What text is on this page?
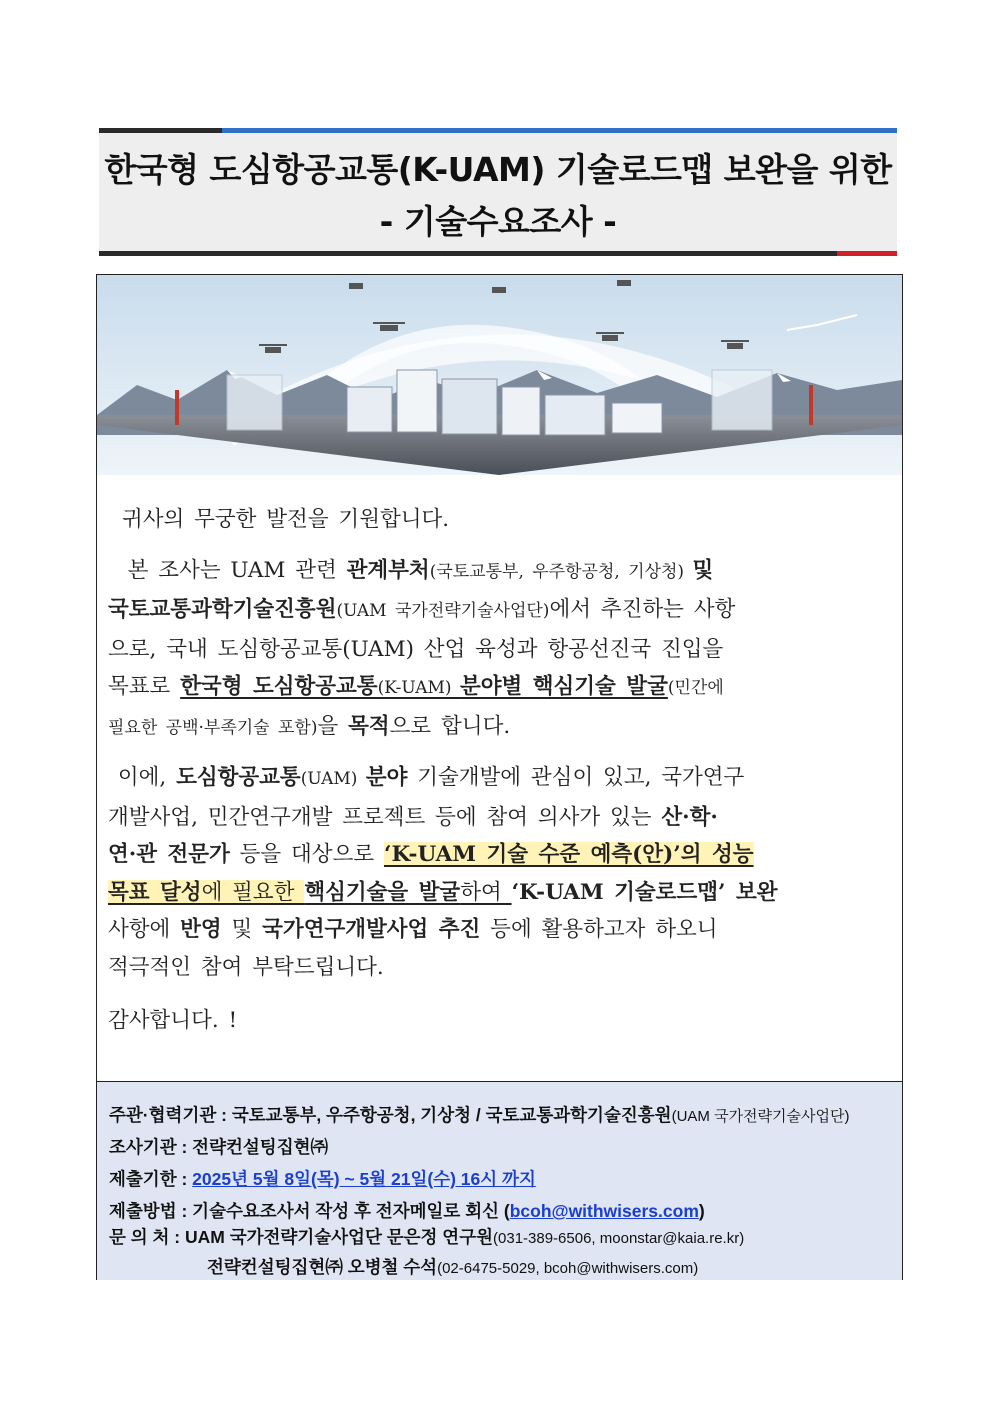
한국형 도심항공교통(K-UAM) 기술로드맵 보완을 위한
- 기술수요조사 -

귀사의 무궁한 발전을 기원합니다.

본 조사는 UAM 관련 관계부처(국토교통부, 우주항공청, 기상청) 및
국토교통과학기술진흥원(UAM 국가전략기술사업단)에서 추진하는 사항
으로, 국내 도심항공교통(UAM) 산업 육성과 항공선진국 진입을
목표로 한국형 도심항공교통(K-UAM) 분야별 핵심기술 발굴(민간에
필요한 공백·부족기술 포함)을 목적으로 합니다.

이에, 도심항공교통(UAM) 분야 기술개발에 관심이 있고, 국가연구
개발사업, 민간연구개발 프로젝트 등에 참여 의사가 있는 산·학·
연·관 전문가 등을 대상으로 ‘K-UAM 기술 수준 예측(안)’의 성능
목표 달성에 필요한 핵심기술을 발굴하여 ‘K-UAM 기술로드맵’ 보완
사항에 반영 및 국가연구개발사업 추진 등에 활용하고자 하오니
적극적인 참여 부탁드립니다.

감사합니다. !

주관·협력기관 : 국토교통부, 우주항공청, 기상청 / 국토교통과학기술진흥원(UAM 국가전략기술사업단)
조사기관 : 전략컨설팅집현㈜
제출기한 : 2025년 5월 8일(목) ~ 5월 21일(수) 16시 까지
제출방법 : 기술수요조사서 작성 후 전자메일로 회신 (bcoh@withwisers.com)
문 의 처 : UAM 국가전략기술사업단 문은정 연구원(031-389-6506, moonstar@kaia.re.kr)
전략컨설팅집현㈜ 오병철 수석(02-6475-5029, bcoh@withwisers.com)
